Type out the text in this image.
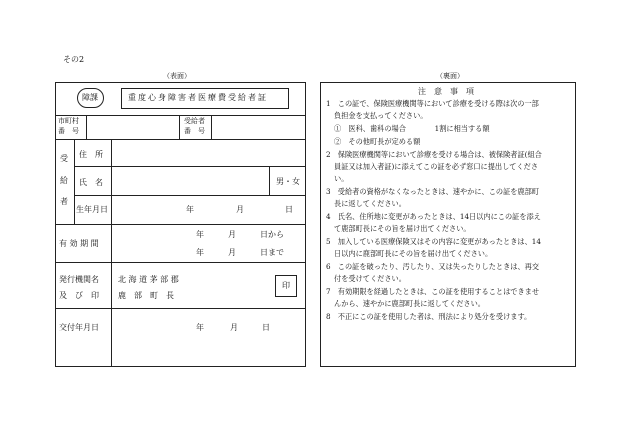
その2
（表面）
障課	重度心身障害者医療費受給者証
市町村
番　号
受給者
番　号
受
給
者
住　所
氏　名	男・女
生年月日	年	月	日
有 効 期 間
年	月	日から
年	月	日まで
発行機関名
及　び　印
北 海 道 茅 部 郡
鹿　部　町　長
印
交付年月日	年	月	日
（裏面）
注　意　事　項
1　この証で、保険医療機関等において診療を受ける際は次の一部
負担金を支払ってください。
①　医科、歯科の場合　　　　1割に相当する額
②　その他町長が定める額
2　保険医療機関等において診療を受ける場合は、被保険者証(組合
員証又は加入者証)に添えてこの証を必ず窓口に提出してくださ
い。
3　受給者の資格がなくなったときは、速やかに、この証を鹿部町
長に返してください。
4　氏名、住所地に変更があったときは、14日以内にこの証を添え
て鹿部町長にその旨を届け出てください。
5　加入している医療保険又はその内容に変更があったときは、14
日以内に鹿部町長にその旨を届け出てください。
6　この証を破ったり、汚したり、又は失ったりしたときは、再交
付を受けてください。
7　有効期限を経過したときは、この証を使用することはできませ
んから、速やかに鹿部町長に返してください。
8　不正にこの証を使用した者は、刑法により処分を受けます。
